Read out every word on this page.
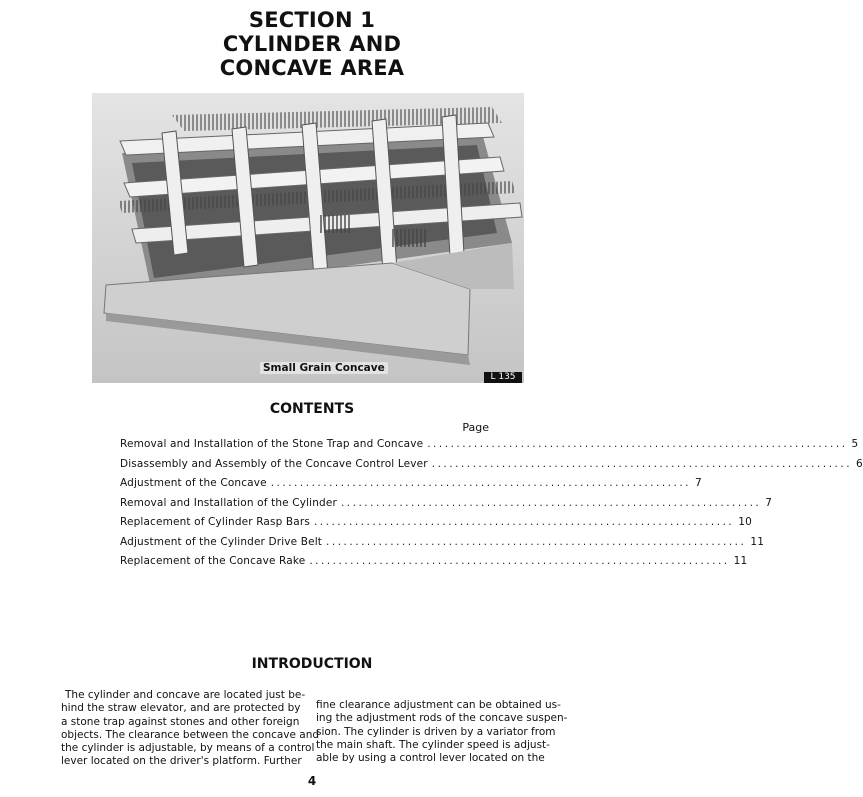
SECTION 1
CYLINDER AND
CONCAVE AREA
Small Grain Concave
L 135
CONTENTS
Page
Removal and Installation of the Stone Trap and Concave ........................................................................ 5
Disassembly and Assembly of the Concave Control Lever ........................................................................ 6
Adjustment of the Concave ........................................................................ 7
Removal and Installation of the Cylinder ........................................................................ 7
Replacement of Cylinder Rasp Bars ........................................................................ 10
Adjustment of the Cylinder Drive Belt ........................................................................ 11
Replacement of the Concave Rake ........................................................................ 11
INTRODUCTION
The cylinder and concave are located just be-
hind the straw elevator, and are protected by
a stone trap against stones and other foreign
objects. The clearance between the concave and
the cylinder is adjustable, by means of a control
lever located on the driver's platform. Further
fine clearance adjustment can be obtained us-
ing the adjustment rods of the concave suspen-
sion. The cylinder is driven by a variator from
the main shaft. The cylinder speed is adjust-
able by using a control lever located on the
4
